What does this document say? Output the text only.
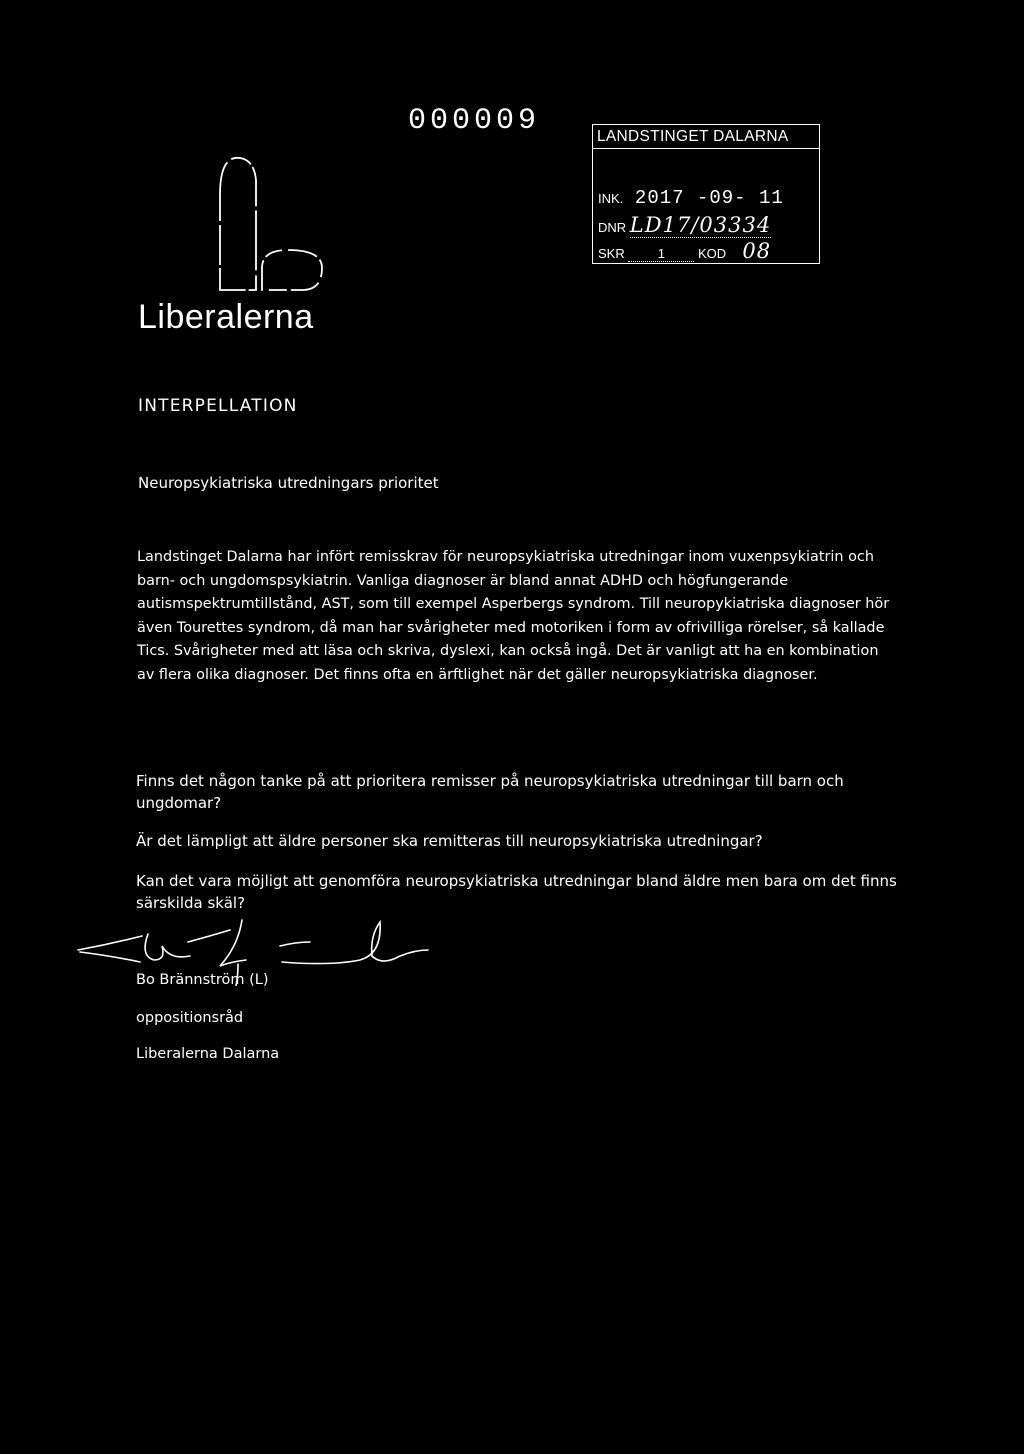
000009
Liberalerna
LANDSTINGET DALARNA
INK. 2017 -09- 11
DNR LD17/03334
SKR	1	KOD 08
INTERPELLATION
Neuropsykiatriska utredningars prioritet
Landstinget Dalarna har infört remisskrav för neuropsykiatriska utredningar inom vuxenpsykiatrin och barn- och ungdomspsykiatrin. Vanliga diagnoser är bland annat ADHD och högfungerande autismspektrumtillstånd, AST, som till exempel Asperbergs syndrom. Till neuropykiatriska diagnoser hör även Tourettes syndrom, då man har svårigheter med motoriken i form av ofrivilliga rörelser, så kallade Tics. Svårigheter med att läsa och skriva, dyslexi, kan också ingå. Det är vanligt att ha en kombination av flera olika diagnoser. Det finns ofta en ärftlighet när det gäller neuropsykiatriska diagnoser.
Finns det någon tanke på att prioritera remisser på neuropsykiatriska utredningar till barn och ungdomar?
Är det lämpligt att äldre personer ska remitteras till neuropsykiatriska utredningar?
Kan det vara möjligt att genomföra neuropsykiatriska utredningar bland äldre men bara om det finns särskilda skäl?
Bo Brännström (L)
oppositionsråd
Liberalerna Dalarna
